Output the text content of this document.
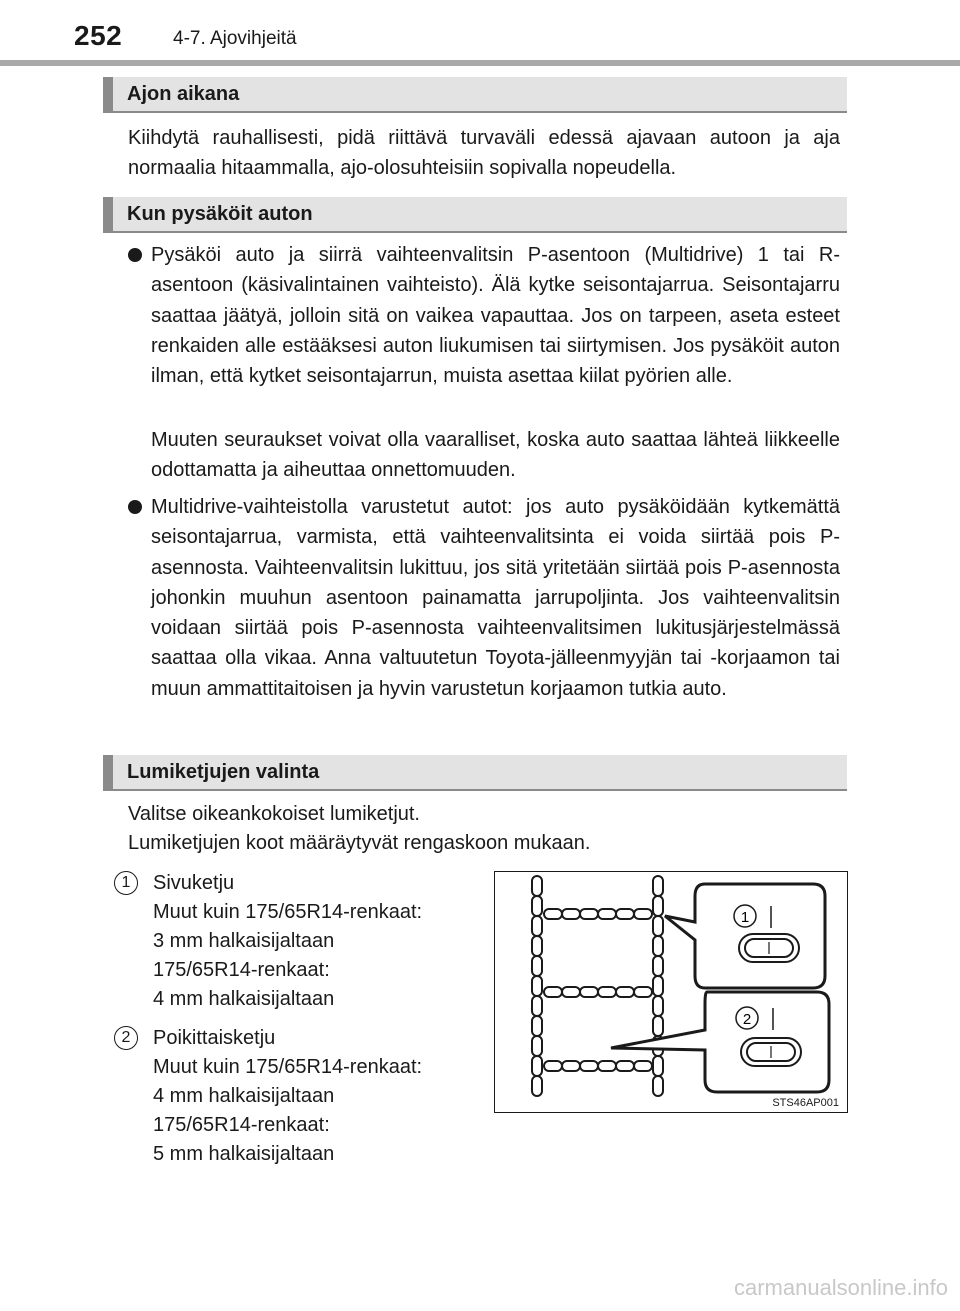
252	4-7. Ajovihjeitä
Ajon aikana

Kiihdytä rauhallisesti, pidä riittävä turvaväli edessä ajavaan autoon ja aja normaalia hitaammalla, ajo-olosuhteisiin sopivalla nopeudella.

Kun pysäköit auton

Pysäköi auto ja siirrä vaihteenvalitsin P-asentoon (Multidrive) 1 tai R-asentoon (käsivalintainen vaihteisto). Älä kytke seisontajarrua. Seisontajarru saattaa jäätyä, jolloin sitä on vaikea vapauttaa. Jos on tarpeen, aseta esteet renkaiden alle estääksesi auton liukumisen tai siirtymisen. Jos pysäköit auton ilman, että kytket seisontajarrun, muista asettaa kiilat pyörien alle.

Muuten seuraukset voivat olla vaaralliset, koska auto saattaa lähteä liikkeelle odottamatta ja aiheuttaa onnettomuuden.

Multidrive-vaihteistolla varustetut autot: jos auto pysäköidään kytkemättä seisontajarrua, varmista, että vaihteenvalitsinta ei voida siirtää pois P-asennosta. Vaihteenvalitsin lukittuu, jos sitä yritetään siirtää pois P-asennosta johonkin muuhun asentoon painamatta jarrupoljinta. Jos vaihteenvalitsin voidaan siirtää pois P-asennosta vaihteenvalitsimen lukitusjärjestelmässä saattaa olla vikaa. Anna valtuutetun Toyota-jälleenmyyjän tai -korjaamon tai muun ammattitaitoisen ja hyvin varustetun korjaamon tutkia auto.

Lumiketjujen valinta

Valitse oikeankokoiset lumiketjut.

Lumiketjujen koot määräytyvät rengaskoon mukaan.

1	Sivuketju
Muut kuin 175/65R14-renkaat:
3 mm halkaisijaltaan
175/65R14-renkaat:
4 mm halkaisijaltaan
2	Poikittaisketju
Muut kuin 175/65R14-renkaat:
4 mm halkaisijaltaan
175/65R14-renkaat:
5 mm halkaisijaltaan
1
2
STS46AP001
carmanualsonline.info
